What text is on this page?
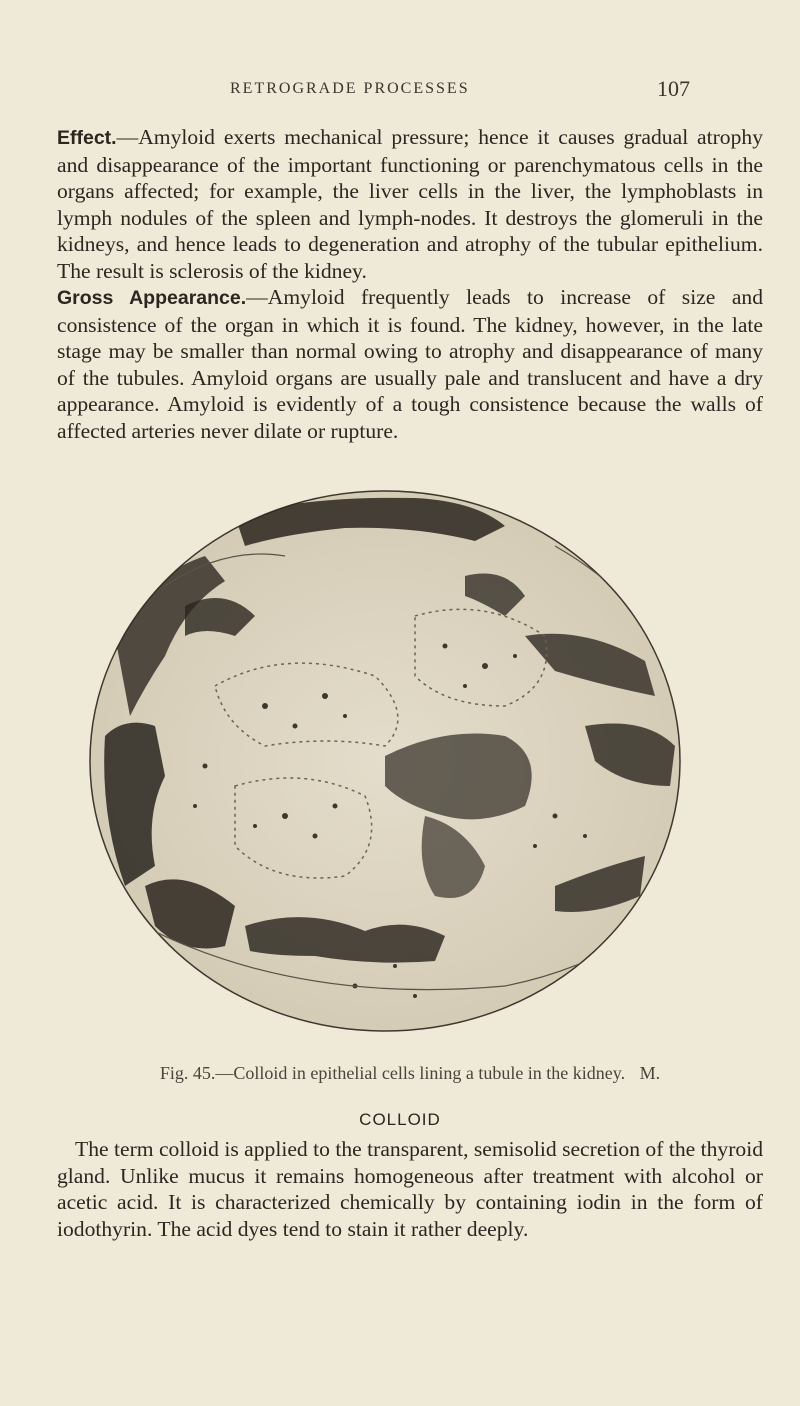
RETROGRADE PROCESSES	107

Effect.—Amyloid exerts mechanical pressure; hence it causes gradual atrophy and disappearance of the important functioning or parenchymatous cells in the organs affected; for example, the liver cells in the liver, the lymphoblasts in lymph nodules of the spleen and lymph-nodes. It destroys the glomeruli in the kidneys, and hence leads to degeneration and atrophy of the tubular epithelium. The result is sclerosis of the kidney.

Gross Appearance.—Amyloid frequently leads to increase of size and consistence of the organ in which it is found. The kidney, however, in the late stage may be smaller than normal owing to atrophy and disappearance of many of the tubules. Amyloid organs are usually pale and translucent and have a dry appearance. Amyloid is evidently of a tough consistence because the walls of affected arteries never dilate or rupture.

Fig. 45.—Colloid in epithelial cells lining a tubule in the kidney. M.
COLLOID

The term colloid is applied to the transparent, semisolid secretion of the thyroid gland. Unlike mucus it remains homogeneous after treatment with alcohol or acetic acid. It is characterized chemically by containing iodin in the form of iodothyrin. The acid dyes tend to stain it rather deeply.
